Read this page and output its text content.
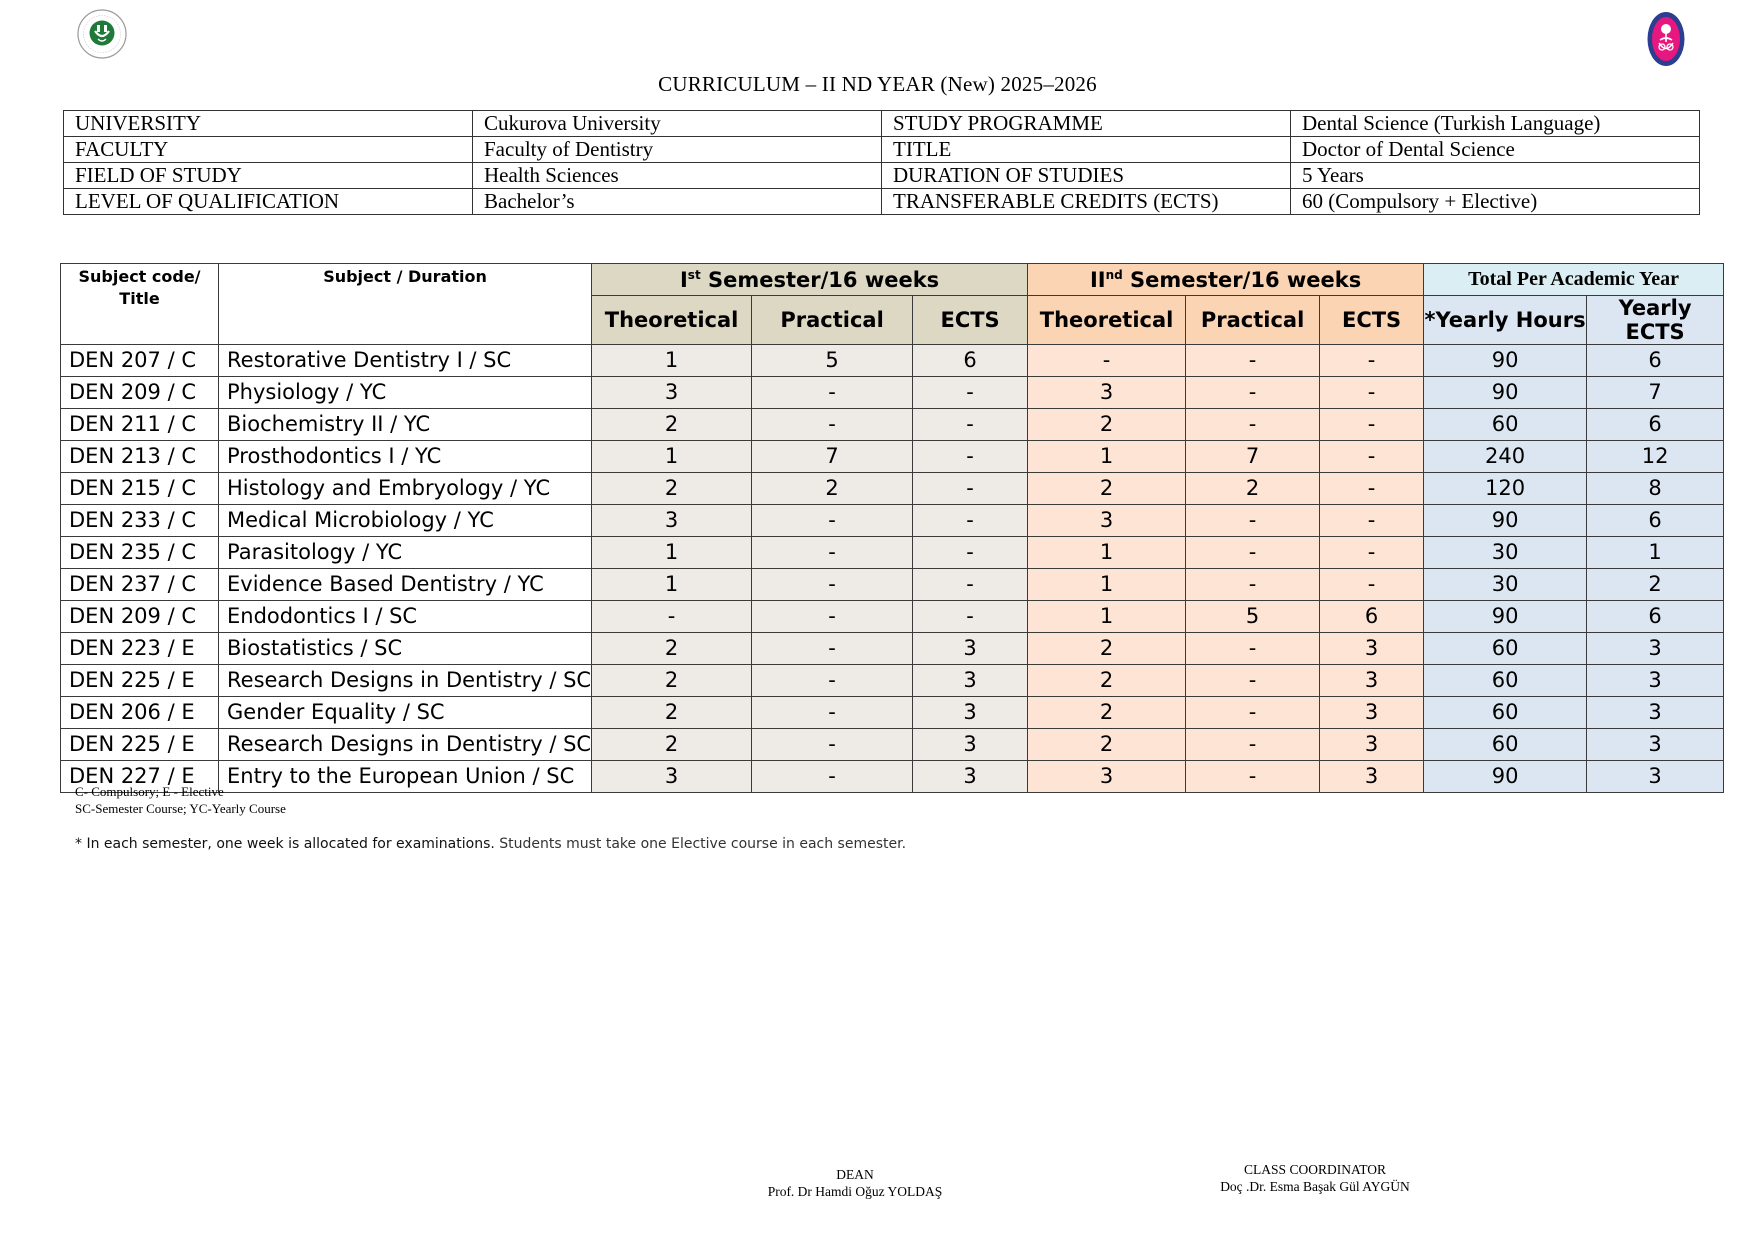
CURRICULUM – II ND YEAR (New) 2025–2026
UNIVERSITY	Cukurova University	STUDY PROGRAMME	Dental Science (Turkish Language)
FACULTY	Faculty of Dentistry	TITLE	Doctor of Dental Science
FIELD OF STUDY	Health Sciences	DURATION OF STUDIES	5 Years
LEVEL OF QUALIFICATION	Bachelor’s	TRANSFERABLE CREDITS (ECTS)	60 (Compulsory + Elective)
Subject code/ Title	Subject / Duration	Ist Semester/16 weeks			IInd Semester/16 weeks			Total Per Academic Year	
		Theoretical	Practical	ECTS	Theoretical	Practical	ECTS	*Yearly Hours	Yearly ECTS
DEN 207 / C	Restorative Dentistry I / SC	1	5	6	-	-	-	90	6
DEN 209 / C	Physiology / YC	3	-	-	3	-	-	90	7
DEN 211 / C	Biochemistry II / YC	2	-	-	2	-	-	60	6
DEN 213 / C	Prosthodontics I / YC	1	7	-	1	7	-	240	12
DEN 215 / C	Histology and Embryology / YC	2	2	-	2	2	-	120	8
DEN 233 / C	Medical Microbiology / YC	3	-	-	3	-	-	90	6
DEN 235 / C	Parasitology / YC	1	-	-	1	-	-	30	1
DEN 237 / C	Evidence Based Dentistry / YC	1	-	-	1	-	-	30	2
DEN 209 / C	Endodontics I / SC	-	-	-	1	5	6	90	6
DEN 223 / E	Biostatistics / SC	2	-	3	2	-	3	60	3
DEN 225 / E	Research Designs in Dentistry / SC	2	-	3	2	-	3	60	3
DEN 206 / E	Gender Equality / SC	2	-	3	2	-	3	60	3
DEN 225 / E	Research Designs in Dentistry / SC	2	-	3	2	-	3	60	3
DEN 227 / E	Entry to the European Union / SC	3	-	3	3	-	3	90	3
C- Compulsory; E - Elective
SC-Semester Course; YC-Yearly Course
* In each semester, one week is allocated for examinations. Students must take one Elective course in each semester.
DEAN
Prof. Dr Hamdi Oğuz YOLDAŞ
CLASS COORDINATOR
Doç .Dr. Esma Başak Gül AYGÜN
